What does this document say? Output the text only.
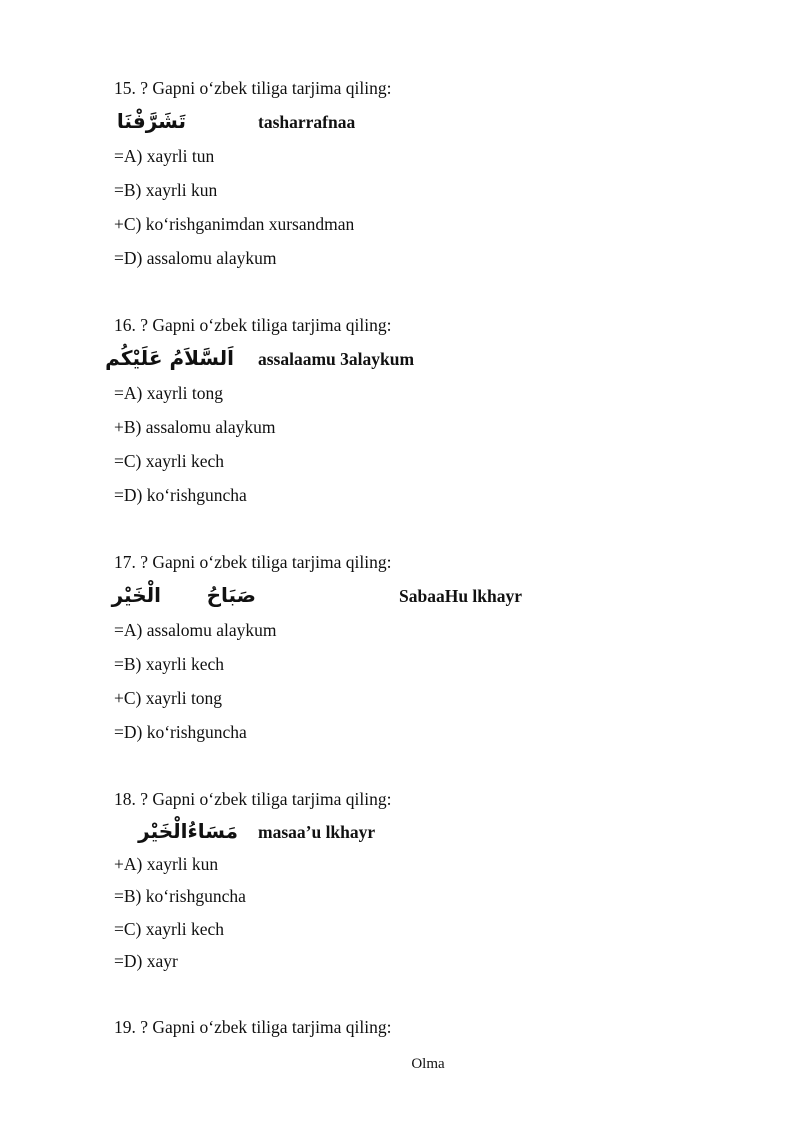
15. ? Gapni o‘zbek tiliga tarjima qiling:
تَشَرَّفْنَا	tasharrafnaa
=A) xayrli tun
=B) xayrli kun
+C) ko‘rishganimdan xursandman
=D) assalomu alaykum
16. ? Gapni o‘zbek tiliga tarjima qiling:
اَلسَّلاَمُ عَلَيْكُم assalaamu 3alaykum
=A) xayrli tong
+B) assalomu alaykum
=C) xayrli kech
=D) ko‘rishguncha
17. ? Gapni o‘zbek tiliga tarjima qiling:
صَبَاحُ
الْخَيْر	SabaaHu lkhayr
=A) assalomu alaykum
=B) xayrli kech
+C) xayrli tong
=D) ko‘rishguncha
18. ? Gapni o‘zbek tiliga tarjima qiling:
مَسَاءُالْخَيْر masaa’u lkhayr
+A) xayrli kun
=B) ko‘rishguncha
=C) xayrli kech
=D) xayr
19. ? Gapni o‘zbek tiliga tarjima qiling:
Olma
